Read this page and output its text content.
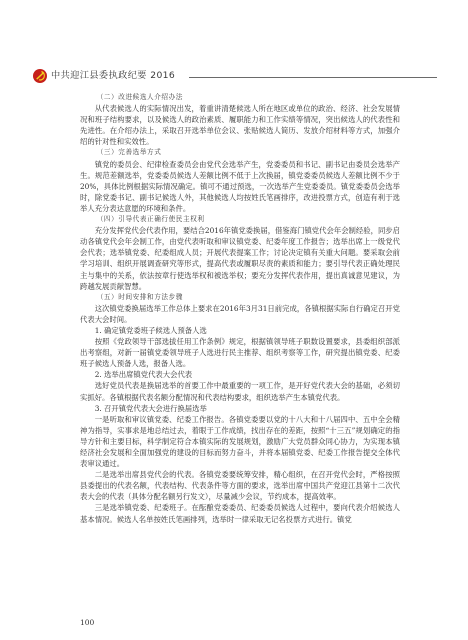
中共迎江县委执政纪要 2016

（二）改进候选人介绍办法

从代表候选人的实际情况出发，着重讲清楚候选人所在地区或单位的政治、经济、社会发展情况和班子结构要求，以及候选人的政治素质、履职能力和工作实绩等情况，突出候选人的代表性和先进性。在介绍办法上，采取召开选举单位会议、张贴候选人简历、发放介绍材料等方式，加强介绍的针对性和实效性。

（三）完善选举方式

镇党的委员会、纪律检查委员会由党代会选举产生，党委委员和书记、副书记由委员会选举产生。规范差额选举，党委委员候选人差额比例不低于上次换届，镇党委委员候选人差额比例不少于20%，具体比例根据实际情况确定。镇可不通过预选，一次选举产生党委委员。镇党委委员会选举时，除党委书记、副书记候选人外，其他候选人均按姓氏笔画排序，改进投票方式，创造有利于选举人充分表达意愿的环境和条件。

（四）引导代表正确行使民主权利

充分发挥党代会代表作用，要结合2016年镇党委换届，借鉴海门镇党代会年会制经验，同步启动各镇党代会年会制工作，由党代表听取和审议镇党委、纪委年度工作报告；选举出席上一级党代会代表；选举镇党委、纪委组成人员；开展代表提案工作；讨论决定镇有关重大问题。要采取会前学习培训、组织开展调查研究等形式，提高代表或履职尽责的素质和能力；要引导代表正确处理民主与集中的关系，依法按章行使选举权和被选举权；要充分发挥代表作用，提出真诚意见建议，为跨越发展贡献智慧。

（五）时间安排和方法步骤

这次镇党委换届选举工作总体上要求在2016年3月31日前完成，各镇根据实际自行确定召开党代表大会时间。

1. 确定镇党委班子候选人预备人选

按照《党政领导干部选拔任用工作条例》规定，根据镇领导班子职数设置要求，县委组织部派出考察组，对新一届镇党委领导班子人选进行民主推荐、组织考察等工作，研究提出镇党委、纪委班子候选人预备人选，报备人选。

2. 选举出席镇党代表大会代表

选好党员代表是换届选举的首要工作中最重要的一项工作，是开好党代表大会的基础，必须切实抓好。各镇根据代表名额分配情况和代表结构要求，组织选举产生本镇党代表。

3. 召开镇党代表大会进行换届选举

一是听取和审议镇党委、纪委工作报告。各镇党委要以党的十八大和十八届四中、五中全会精神为指导，实事求是地总结过去，着眼于工作成绩，找出存在的差距，按照“十三五”规划确定的指导方针和主要目标，科学制定符合本镇实际的发展规划，激励广大党员群众同心协力，为实现本镇经济社会发展和全面加强党的建设的目标而努力奋斗，并将本届镇党委、纪委工作报告提交全体代表审议通过。

二是选举出席县党代会的代表。各镇党委要统筹安排，精心组织，在召开党代会时，严格按照县委提出的代表名额，代表结构、代表条件等方面的要求，选举出席中国共产党迎江县第十二次代表大会的代表（具体分配名额另行发文），尽量减少会议，节约成本，提高效率。

三是选举镇党委、纪委班子。在酝酿党委委员、纪委委员候选人过程中，要向代表介绍候选人基本情况。候选人名单按姓氏笔画排列，选举时一律采取无记名投票方式进行。镇党

100
